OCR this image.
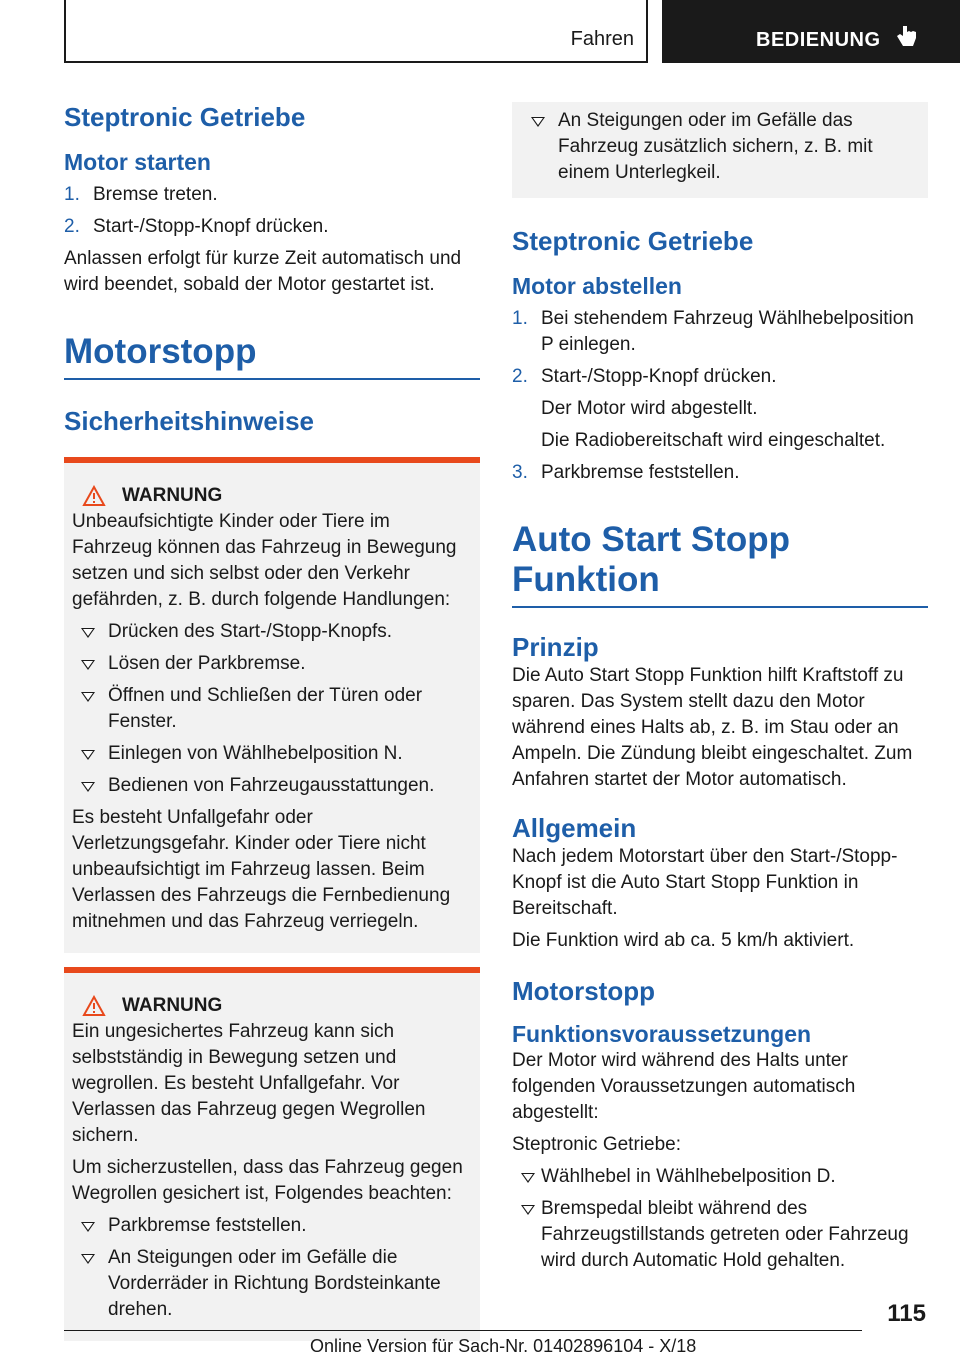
Fahren	BEDIENUNG
Steptronic Getriebe
Motor starten
1. Bremse treten.
2. Start-/Stopp-Knopf drücken.

Anlassen erfolgt für kurze Zeit automatisch und wird beendet, sobald der Motor gestartet ist.

Motorstopp
Sicherheitshinweise
WARNUNG

Unbeaufsichtigte Kinder oder Tiere im Fahrzeug können das Fahrzeug in Bewegung setzen und sich selbst oder den Verkehr gefährden, z. B. durch folgende Handlungen:

Drücken des Start-/Stopp-Knopfs.
Lösen der Parkbremse.
Öffnen und Schließen der Türen oder Fenster.
Einlegen von Wählhebelposition N.
Bedienen von Fahrzeugausstattungen.

Es besteht Unfallgefahr oder Verletzungsgefahr. Kinder oder Tiere nicht unbeaufsichtigt im Fahrzeug lassen. Beim Verlassen des Fahrzeugs die Fernbedienung mitnehmen und das Fahrzeug verriegeln.

WARNUNG

Ein ungesichertes Fahrzeug kann sich selbstständig in Bewegung setzen und wegrollen. Es besteht Unfallgefahr. Vor Verlassen das Fahrzeug gegen Wegrollen sichern.

Um sicherzustellen, dass das Fahrzeug gegen Wegrollen gesichert ist, Folgendes beachten:

Parkbremse feststellen.
An Steigungen oder im Gefälle die Vorderräder in Richtung Bordsteinkante drehen.
An Steigungen oder im Gefälle das Fahrzeug zusätzlich sichern, z. B. mit einem Unterlegkeil.
Steptronic Getriebe
Motor abstellen
1. Bei stehendem Fahrzeug Wählhebelposition P einlegen.
2. Start-/Stopp-Knopf drücken.
Der Motor wird abgestellt.
Die Radiobereitschaft wird eingeschaltet.
3. Parkbremse feststellen.
Auto Start Stopp Funktion
Prinzip

Die Auto Start Stopp Funktion hilft Kraftstoff zu sparen. Das System stellt dazu den Motor während eines Halts ab, z. B. im Stau oder an Ampeln. Die Zündung bleibt eingeschaltet. Zum Anfahren startet der Motor automatisch.

Allgemein

Nach jedem Motorstart über den Start-/Stopp-Knopf ist die Auto Start Stopp Funktion in Bereitschaft.

Die Funktion wird ab ca. 5 km/h aktiviert.

Motorstopp
Funktionsvoraussetzungen

Der Motor wird während des Halts unter folgenden Voraussetzungen automatisch abgestellt:

Steptronic Getriebe:

Wählhebel in Wählhebelposition D.
Bremspedal bleibt während des Fahrzeugstillstands getreten oder Fahrzeug wird durch Automatic Hold gehalten.
115
Online Version für Sach-Nr. 01402896104 - X/18
